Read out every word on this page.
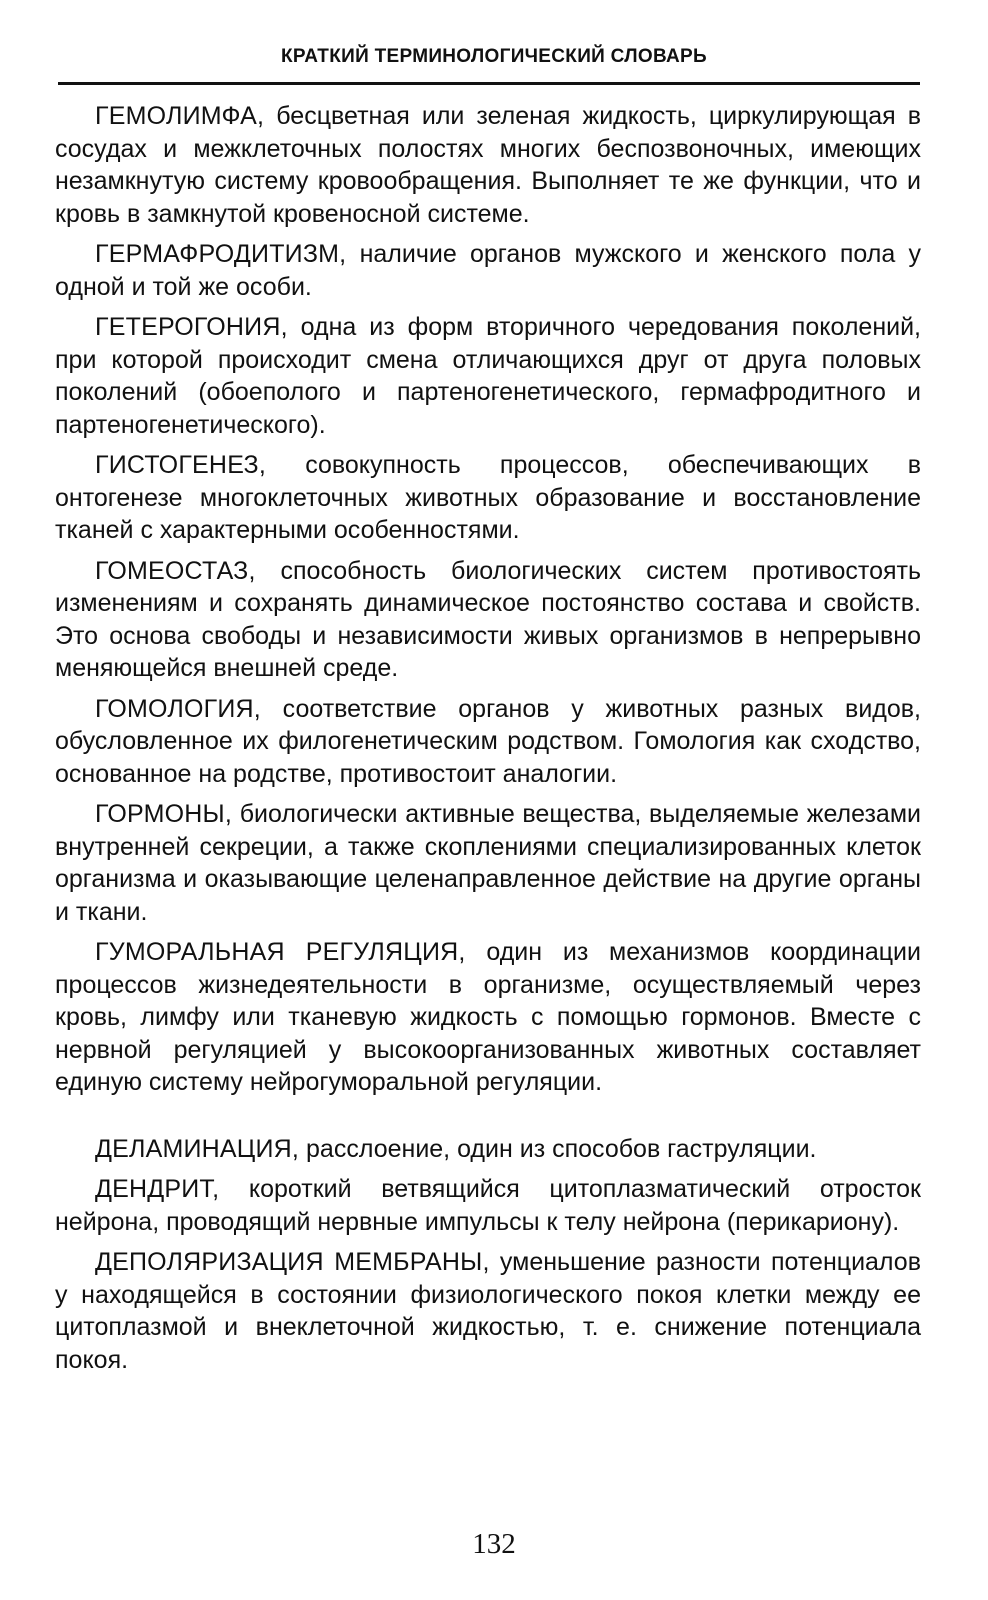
КРАТКИЙ ТЕРМИНОЛОГИЧЕСКИЙ СЛОВАРЬ

ГЕМОЛИМФА, бесцветная или зеленая жидкость, циркулирующая в сосудах и межклеточных полостях многих беспозвоночных, имеющих незамкнутую систему кровообращения. Выполняет те же функции, что и кровь в замкнутой кровеносной системе.

ГЕРМАФРОДИТИЗМ, наличие органов мужского и женского пола у одной и той же особи.

ГЕТЕРОГОНИЯ, одна из форм вторичного чередования поколений, при которой происходит смена отличающихся друг от друга половых поколений (обоеполого и партеногенетического, гермафродитного и партеногенетического).

ГИСТОГЕНЕЗ, совокупность процессов, обеспечивающих в онтогенезе многоклеточных животных образование и восстановление тканей с характерными особенностями.

ГОМЕОСТАЗ, способность биологических систем противостоять изменениям и сохранять динамическое постоянство состава и свойств. Это основа свободы и независимости живых организмов в непрерывно меняющейся внешней среде.

ГОМОЛОГИЯ, соответствие органов у животных разных видов, обусловленное их филогенетическим родством. Гомология как сходство, основанное на родстве, противостоит аналогии.

ГОРМОНЫ, биологически активные вещества, выделяемые железами внутренней секреции, а также скоплениями специализированных клеток организма и оказывающие целенаправленное действие на другие органы и ткани.

ГУМОРАЛЬНАЯ РЕГУЛЯЦИЯ, один из механизмов координации процессов жизнедеятельности в организме, осуществляемый через кровь, лимфу или тканевую жидкость с помощью гормонов. Вместе с нервной регуляцией у высокоорганизованных животных составляет единую систему нейрогуморальной регуляции.

ДЕЛАМИНАЦИЯ, расслоение, один из способов гаструляции.

ДЕНДРИТ, короткий ветвящийся цитоплазматический отросток нейрона, проводящий нервные импульсы к телу нейрона (перикариону).

ДЕПОЛЯРИЗАЦИЯ МЕМБРАНЫ, уменьшение разности потенциалов у находящейся в состоянии физиологического покоя клетки между ее цитоплазмой и внеклеточной жидкостью, т. е. снижение потенциала покоя.

132
